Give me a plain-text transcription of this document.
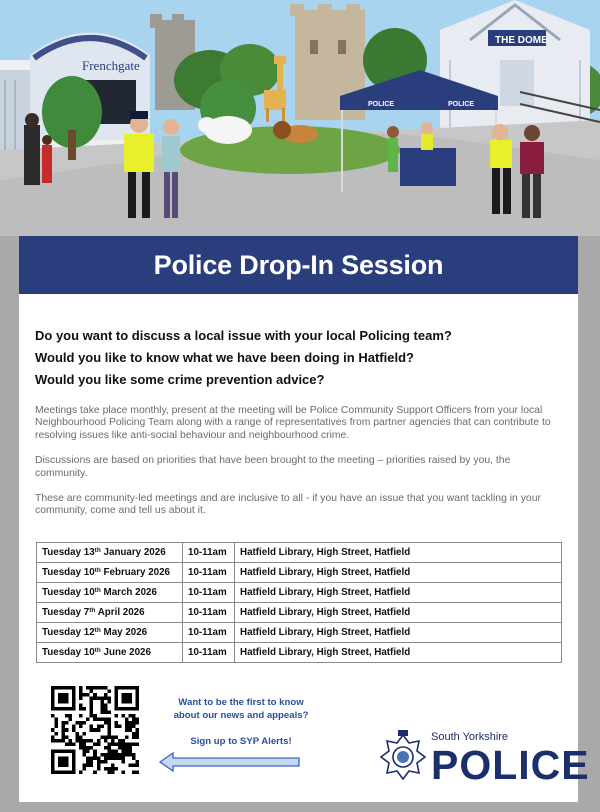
Frenchgate
THE DOME
POLICE	POLICE
Police Drop-In Session

Do you want to discuss a local issue with your local Policing team?

Would you like to know what we have been doing in Hatfield?

Would you like some crime prevention advice?

Meetings take place monthly, present at the meeting will be Police Community Support Officers from your local Neighbourhood Policing Team along with a range of representatives from partner agencies that can contribute to resolving issues like anti-social behaviour and neighbourhood crime.

Discussions are based on priorities that have been brought to the meeting – priorities raised by you, the community.

These are community-led meetings and are inclusive to all - if you have an issue that you want tackling in your community, come and tell us about it.

Tuesday 13th January 2026	10-11am	Hatfield Library, High Street, Hatfield
Tuesday 10th February 2026	10-11am	Hatfield Library, High Street, Hatfield
Tuesday 10th March 2026	10-11am	Hatfield Library, High Street, Hatfield
Tuesday 7th April 2026	10-11am	Hatfield Library, High Street, Hatfield
Tuesday 12th May 2026	10-11am	Hatfield Library, High Street, Hatfield
Tuesday 10th June 2026	10-11am	Hatfield Library, High Street, Hatfield
Want to be the first to know
about our news and appeals?
Sign up to SYP Alerts!	South Yorkshire
POLICE
